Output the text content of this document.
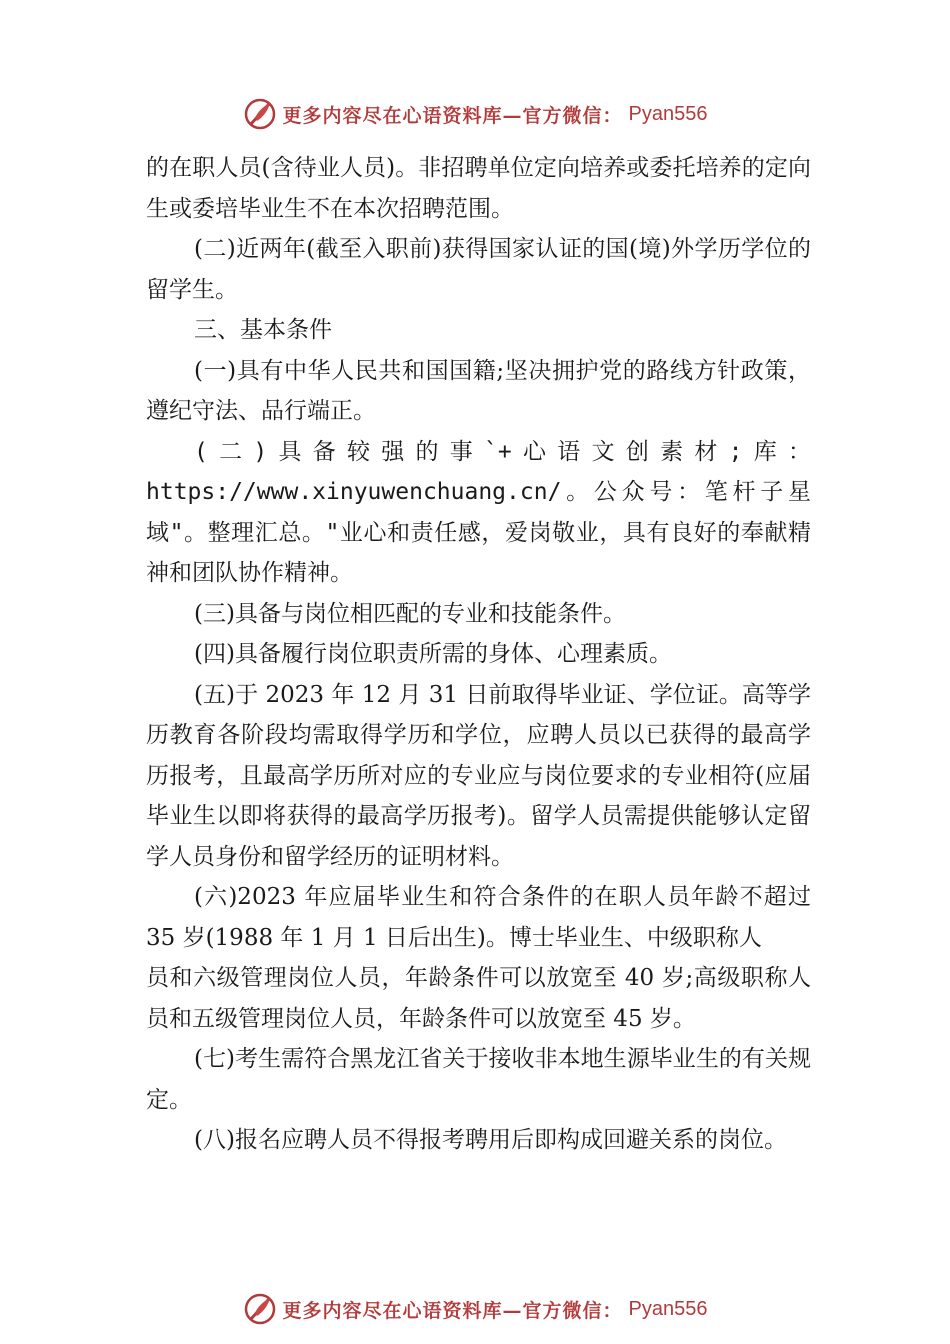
更多内容尽在心语资料库—官方微信： Pyan556

的在职人员(含待业人员)。非招聘单位定向培养或委托培养的定向生或委培毕业生不在本次招聘范围。

(二)近两年(截至入职前)获得国家认证的国(境)外学历学位的留学生。

三、基本条件

(一)具有中华人民共和国国籍;坚决拥护党的路线方针政策，遵纪守法、品行端正。

(二)具备较强的事`+心语文创素材;库：https://www.xinyuwenchuang.cn/。公众号：笔杆子星域"。整理汇总。"业心和责任感，爱岗敬业，具有良好的奉献精神和团队协作精神。

(三)具备与岗位相匹配的专业和技能条件。

(四)具备履行岗位职责所需的身体、心理素质。

(五)于 2023 年 12 月 31 日前取得毕业证、学位证。高等学历教育各阶段均需取得学历和学位，应聘人员以已获得的最高学历报考，且最高学历所对应的专业应与岗位要求的专业相符(应届毕业生以即将获得的最高学历报考)。留学人员需提供能够认定留学人员身份和留学经历的证明材料。

(六)2023 年应届毕业生和符合条件的在职人员年龄不超过 35 岁(1988 年 1 月 1 日后出生)。博士毕业生、中级职称人

员和六级管理岗位人员，年龄条件可以放宽至 40 岁;高级职称人员和五级管理岗位人员，年龄条件可以放宽至 45 岁。

(七)考生需符合黑龙江省关于接收非本地生源毕业生的有关规定。

(八)报名应聘人员不得报考聘用后即构成回避关系的岗位。

更多内容尽在心语资料库—官方微信： Pyan556
